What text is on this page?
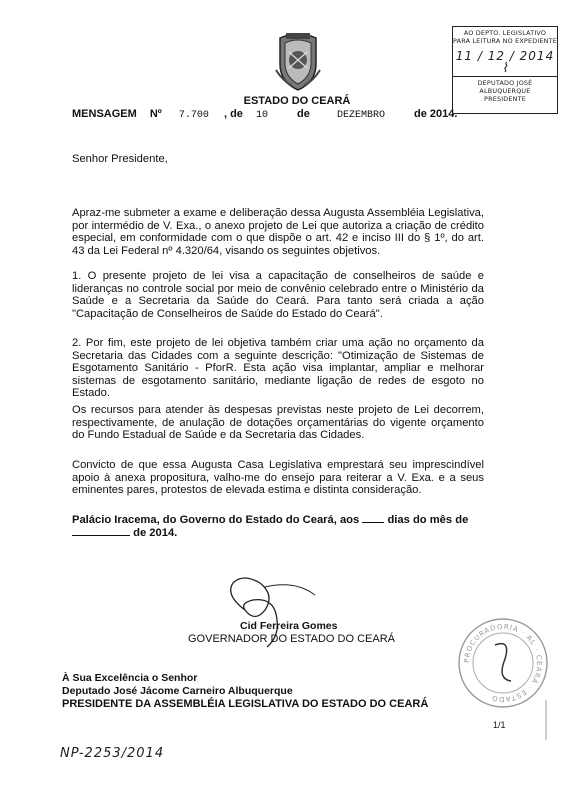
ESTADO DO CEARÁ
MENSAGEM Nº 7.700 , de 10	de	DEZEMBRO	de 2014.
AO DEPTO. LEGISLATIVO
PARA LEITURA NO EXPEDIENTE
11 / 12 / 2014
⌇
DEPUTADO JOSÉ ALBUQUERQUE
PRESIDENTE
Senhor Presidente,
Apraz-me submeter a exame e deliberação dessa Augusta Assembléia Legislativa, por intermédio de V. Exa., o anexo projeto de Lei que autoriza a criação de crédito especial, em conformidade com o que dispõe o art. 42 e inciso III do § 1º, do art. 43 da Lei Federal nº 4.320/64, visando os seguintes objetivos.
1. O presente projeto de lei visa a capacitação de conselheiros de saúde e lideranças no controle social por meio de convênio celebrado entre o Ministério da Saúde e a Secretaria da Saúde do Ceará. Para tanto será criada a ação "Capacitação de Conselheiros de Saúde do Estado do Ceará".
2. Por fim, este projeto de lei objetiva também criar uma ação no orçamento da Secretaria das Cidades com a seguinte descrição: "Otimização de Sistemas de Esgotamento Sanitário - PforR. Esta ação visa implantar, ampliar e melhorar sistemas de esgotamento sanitário, mediante ligação de redes de esgoto no Estado.
Os recursos para atender às despesas previstas neste projeto de Lei decorrem, respectivamente, de anulação de dotações orçamentárias do vigente orçamento do Fundo Estadual de Saúde e da Secretaria das Cidades.
Convicto de que essa Augusta Casa Legislativa emprestará seu imprescindível apoio à anexa propositura, valho-me do ensejo para reiterar a V. Exa. e a seus eminentes pares, protestos de elevada estima e distinta consideração.
Palácio Iracema, do Governo do Estado do Ceará, aos	dias do mês de
de 2014.
Cid Ferreira Gomes
GOVERNADOR DO ESTADO DO CEARÁ
PROCURADORIA · AL · CEARÁ · ESTADO
À Sua Excelência o Senhor
Deputado José Jácome Carneiro Albuquerque
PRESIDENTE DA ASSEMBLÉIA LEGISLATIVA DO ESTADO DO CEARÁ
1/1
NP-2253/2014
